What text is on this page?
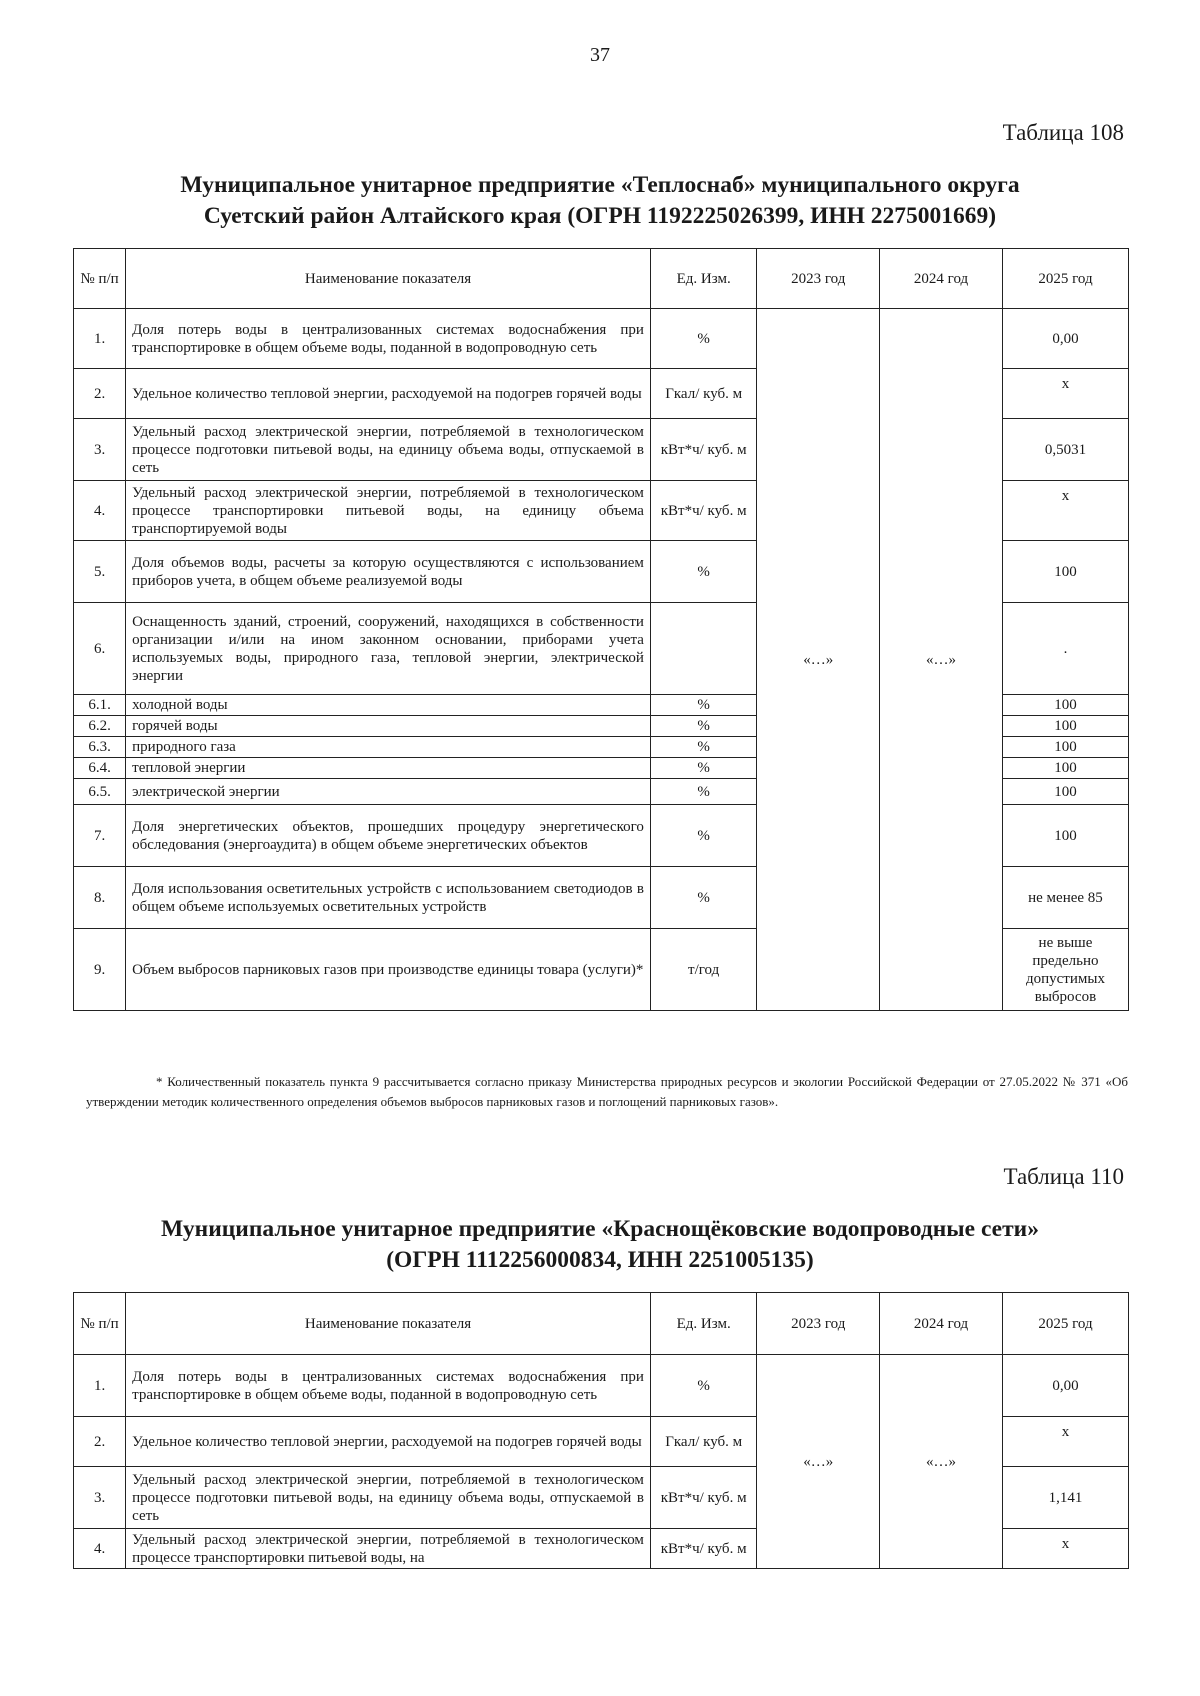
37
Таблица 108
Муниципальное унитарное предприятие «Теплоснаб» муниципального округа
Суетский район Алтайского края (ОГРН 1192225026399, ИНН 2275001669)
№ п/п	Наименование показателя	Ед. Изм.	2023 год	2024 год	2025 год
1.	Доля потерь воды в централизованных системах водоснабжения при транспортировке в общем объеме воды, поданной в водопроводную сеть	%	«…»	«…»	0,00
2.	Удельное количество тепловой энергии, расходуемой на подогрев горячей воды	Гкал/ куб. м			х
3.	Удельный расход электрической энергии, потребляемой в технологическом процессе подготовки питьевой воды, на единицу объема воды, отпускаемой в сеть	кВт*ч/ куб. м			0,5031
4.	Удельный расход электрической энергии, потребляемой в технологическом процессе транспортировки питьевой воды, на единицу объема транспортируемой воды	кВт*ч/ куб. м			х
5.	Доля объемов воды, расчеты за которую осуществляются с использованием приборов учета, в общем объеме реализуемой воды	%			100
6.	Оснащенность зданий, строений, сооружений, находящихся в собственности организации и/или на ином законном основании, приборами учета используемых воды, природного газа, тепловой энергии, электрической энергии				.
6.1.	холодной воды	%			100
6.2.	горячей воды	%			100
6.3.	природного газа	%			100
6.4.	тепловой энергии	%			100
6.5.	электрической энергии	%			100
7.	Доля энергетических объектов, прошедших процедуру энергетического обследования (энергоаудита) в общем объеме энергетических объектов	%			100
8.	Доля использования осветительных устройств с использованием светодиодов в общем объеме используемых осветительных устройств	%			не менее 85
9.	Объем выбросов парниковых газов при производстве единицы товара (услуги)*	т/год			не выше предельно допустимых выбросов
* Количественный показатель пункта 9 рассчитывается согласно приказу Министерства природных ресурсов и экологии Российской Федерации от 27.05.2022 № 371 «Об утверждении методик количественного определения объемов выбросов парниковых газов и поглощений парниковых газов».
Таблица 110
Муниципальное унитарное предприятие «Краснощёковские водопроводные сети»
(ОГРН 1112256000834, ИНН 2251005135)
№ п/п	Наименование показателя	Ед. Изм.	2023 год	2024 год	2025 год
1.	Доля потерь воды в централизованных системах водоснабжения при транспортировке в общем объеме воды, поданной в водопроводную сеть	%	«…»	«…»	0,00
2.	Удельное количество тепловой энергии, расходуемой на подогрев горячей воды	Гкал/ куб. м			х
3.	Удельный расход электрической энергии, потребляемой в технологическом процессе подготовки питьевой воды, на единицу объема воды, отпускаемой в сеть	кВт*ч/ куб. м			1,141
4.	Удельный расход электрической энергии, потребляемой в технологическом процессе транспортировки питьевой воды, на	кВт*ч/ куб. м			х
